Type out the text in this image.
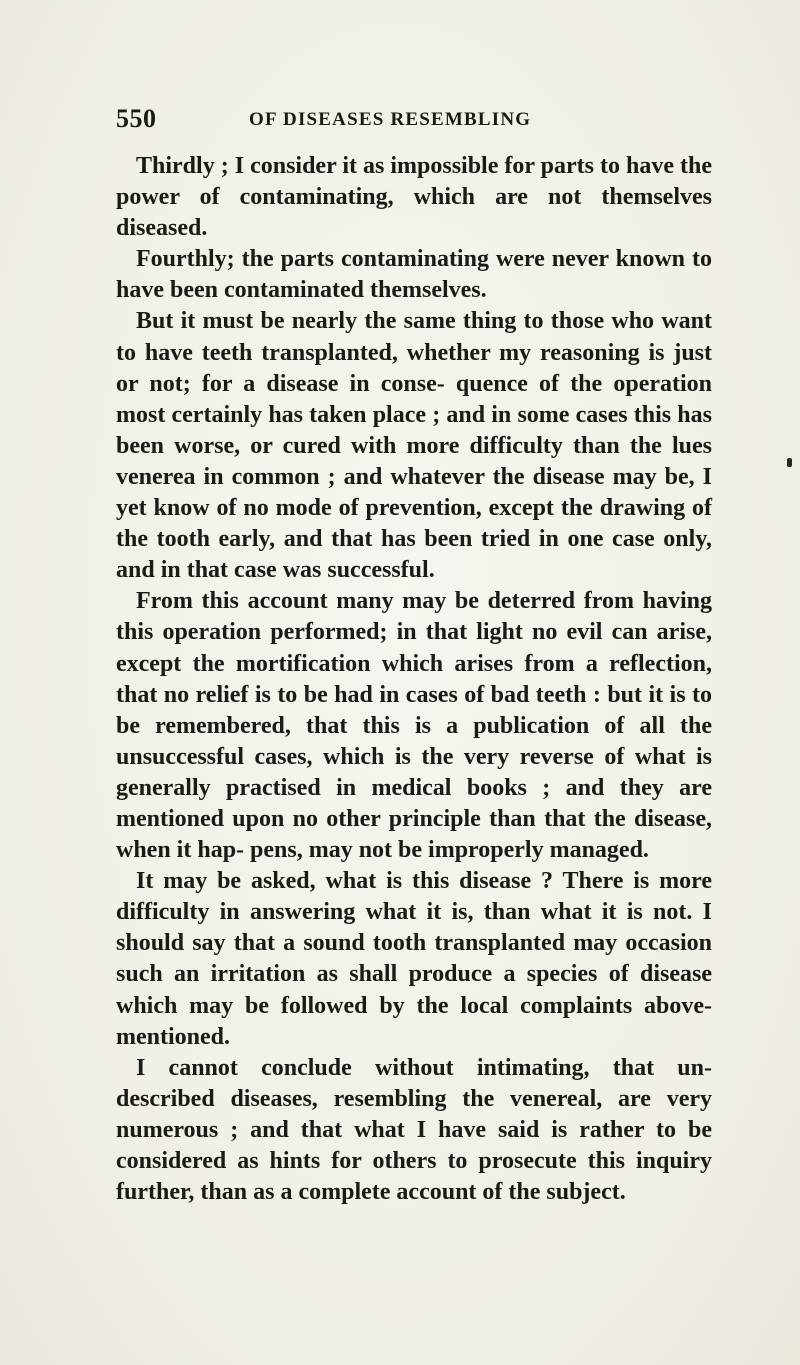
550	OF DISEASES RESEMBLING

Thirdly ; I consider it as impossible for parts to have the power of contaminating, which are not themselves diseased.

Fourthly; the parts contaminating were never known to have been contaminated themselves.

But it must be nearly the same thing to those who want to have teeth transplanted, whether my reasoning is just or not; for a disease in conse- quence of the operation most certainly has taken place ; and in some cases this has been worse, or cured with more difficulty than the lues venerea in common ; and whatever the disease may be, I yet know of no mode of prevention, except the drawing of the tooth early, and that has been tried in one case only, and in that case was successful.

From this account many may be deterred from having this operation performed; in that light no evil can arise, except the mortification which arises from a reflection, that no relief is to be had in cases of bad teeth : but it is to be remembered, that this is a publication of all the unsuccessful cases, which is the very reverse of what is generally practised in medical books ; and they are mentioned upon no other principle than that the disease, when it hap- pens, may not be improperly managed.

It may be asked, what is this disease ? There is more difficulty in answering what it is, than what it is not. I should say that a sound tooth transplanted may occasion such an irritation as shall produce a species of disease which may be followed by the local complaints above-mentioned.

I cannot conclude without intimating, that un- described diseases, resembling the venereal, are very numerous ; and that what I have said is rather to be considered as hints for others to prosecute this inquiry further, than as a complete account of the subject.
